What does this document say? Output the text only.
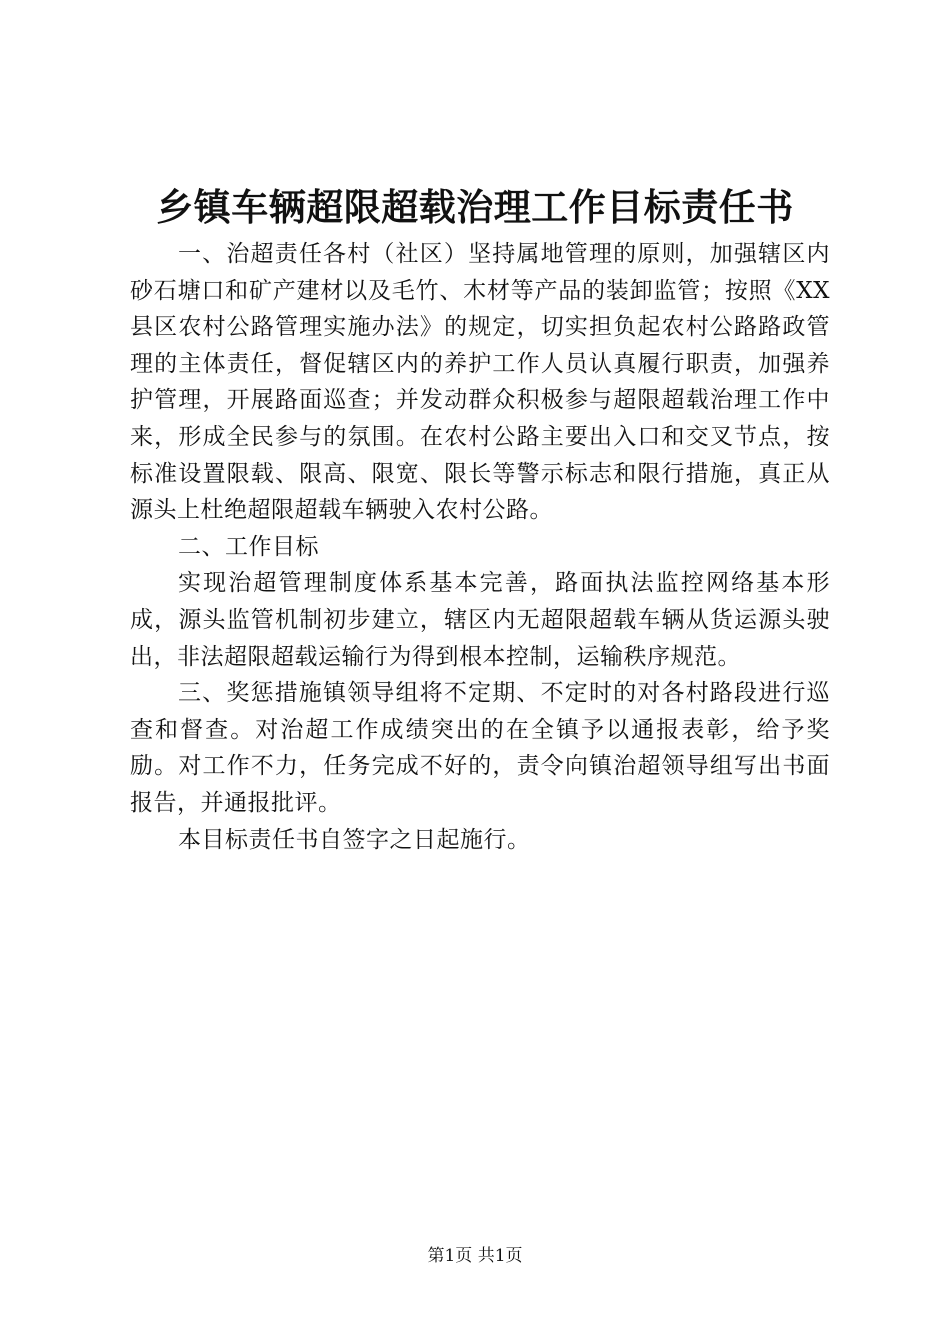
乡镇车辆超限超载治理工作目标责任书

一、治超责任各村（社区）坚持属地管理的原则，加强辖区内砂石塘口和矿产建材以及毛竹、木材等产品的装卸监管；按照《XX县区农村公路管理实施办法》的规定，切实担负起农村公路路政管理的主体责任，督促辖区内的养护工作人员认真履行职责，加强养护管理，开展路面巡查；并发动群众积极参与超限超载治理工作中来，形成全民参与的氛围。在农村公路主要出入口和交叉节点，按标准设置限载、限高、限宽、限长等警示标志和限行措施，真正从源头上杜绝超限超载车辆驶入农村公路。

二、工作目标

实现治超管理制度体系基本完善，路面执法监控网络基本形成，源头监管机制初步建立，辖区内无超限超载车辆从货运源头驶出，非法超限超载运输行为得到根本控制，运输秩序规范。

三、奖惩措施镇领导组将不定期、不定时的对各村路段进行巡查和督查。对治超工作成绩突出的在全镇予以通报表彰，给予奖励。对工作不力，任务完成不好的，责令向镇治超领导组写出书面报告，并通报批评。

本目标责任书自签字之日起施行。

第1页 共1页
